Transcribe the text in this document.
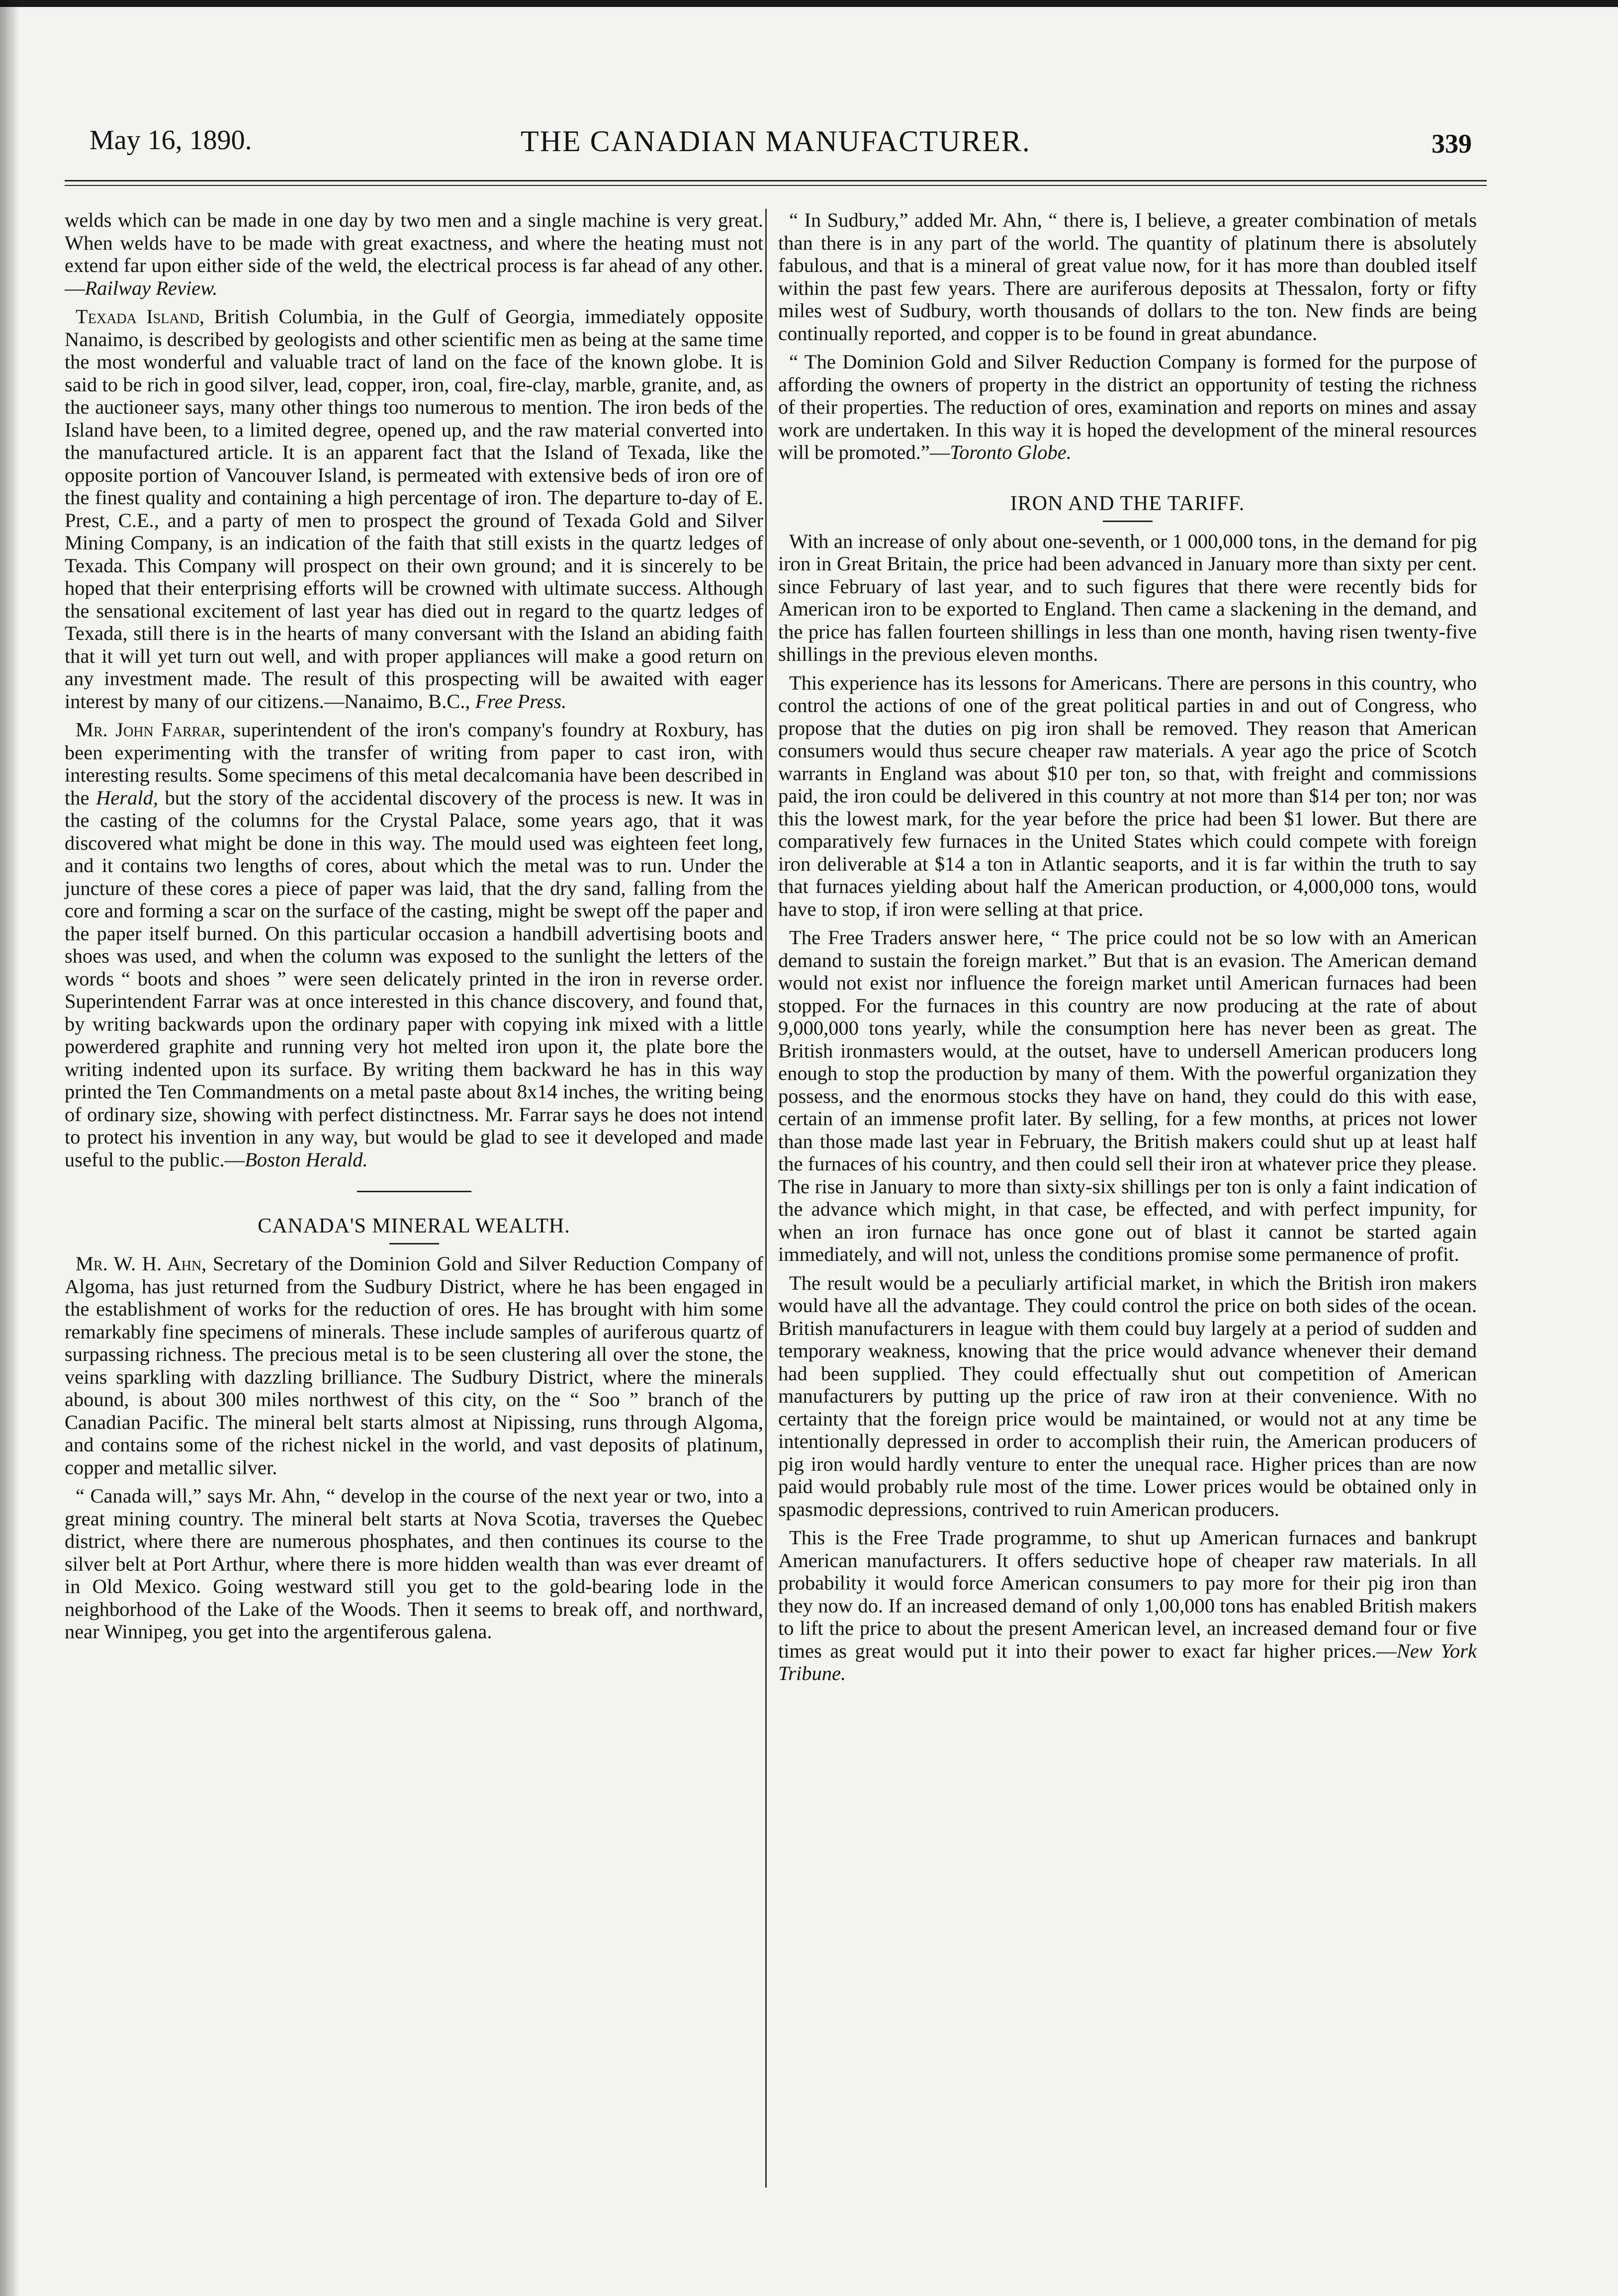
May 16, 1890.	THE CANADIAN MANUFACTURER.	339

welds which can be made in one day by two men and a single machine is very great. When welds have to be made with great exactness, and where the heating must not extend far upon either side of the weld, the electrical process is far ahead of any other.—Railway Review.

Texada Island, British Columbia, in the Gulf of Georgia, immediately opposite Nanaimo, is described by geologists and other scientific men as being at the same time the most wonderful and valuable tract of land on the face of the known globe. It is said to be rich in good silver, lead, copper, iron, coal, fire-clay, marble, granite, and, as the auctioneer says, many other things too numerous to mention. The iron beds of the Island have been, to a limited degree, opened up, and the raw material converted into the manufactured article. It is an apparent fact that the Island of Texada, like the opposite portion of Vancouver Island, is permeated with extensive beds of iron ore of the finest quality and containing a high percentage of iron. The departure to-day of E. Prest, C.E., and a party of men to prospect the ground of Texada Gold and Silver Mining Company, is an indication of the faith that still exists in the quartz ledges of Texada. This Company will prospect on their own ground; and it is sincerely to be hoped that their enterprising efforts will be crowned with ultimate success. Although the sensational excitement of last year has died out in regard to the quartz ledges of Texada, still there is in the hearts of many conversant with the Island an abiding faith that it will yet turn out well, and with proper appliances will make a good return on any investment made. The result of this prospecting will be awaited with eager interest by many of our citizens.—Nanaimo, B.C., Free Press.

Mr. John Farrar, superintendent of the iron's company's foundry at Roxbury, has been experimenting with the transfer of writing from paper to cast iron, with interesting results. Some specimens of this metal decalcomania have been described in the Herald, but the story of the accidental discovery of the process is new. It was in the casting of the columns for the Crystal Palace, some years ago, that it was discovered what might be done in this way. The mould used was eighteen feet long, and it contains two lengths of cores, about which the metal was to run. Under the juncture of these cores a piece of paper was laid, that the dry sand, falling from the core and forming a scar on the surface of the casting, might be swept off the paper and the paper itself burned. On this particular occasion a handbill advertising boots and shoes was used, and when the column was exposed to the sunlight the letters of the words “ boots and shoes ” were seen delicately printed in the iron in reverse order. Superintendent Farrar was at once interested in this chance discovery, and found that, by writing backwards upon the ordinary paper with copying ink mixed with a little powerdered graphite and running very hot melted iron upon it, the plate bore the writing indented upon its surface. By writing them backward he has in this way printed the Ten Commandments on a metal paste about 8x14 inches, the writing being of ordinary size, showing with perfect distinctness. Mr. Farrar says he does not intend to protect his invention in any way, but would be glad to see it developed and made useful to the public.—Boston Herald.

CANADA'S MINERAL WEALTH.

Mr. W. H. Ahn, Secretary of the Dominion Gold and Silver Reduction Company of Algoma, has just returned from the Sudbury District, where he has been engaged in the establishment of works for the reduction of ores. He has brought with him some remarkably fine specimens of minerals. These include samples of auriferous quartz of surpassing richness. The precious metal is to be seen clustering all over the stone, the veins sparkling with dazzling brilliance. The Sudbury District, where the minerals abound, is about 300 miles northwest of this city, on the “ Soo ” branch of the Canadian Pacific. The mineral belt starts almost at Nipissing, runs through Algoma, and contains some of the richest nickel in the world, and vast deposits of platinum, copper and metallic silver.

“ Canada will,” says Mr. Ahn, “ develop in the course of the next year or two, into a great mining country. The mineral belt starts at Nova Scotia, traverses the Quebec district, where there are numerous phosphates, and then continues its course to the silver belt at Port Arthur, where there is more hidden wealth than was ever dreamt of in Old Mexico. Going westward still you get to the gold-bearing lode in the neighborhood of the Lake of the Woods. Then it seems to break off, and northward, near Winnipeg, you get into the argentiferous galena.

“ In Sudbury,” added Mr. Ahn, “ there is, I believe, a greater combination of metals than there is in any part of the world. The quantity of platinum there is absolutely fabulous, and that is a mineral of great value now, for it has more than doubled itself within the past few years. There are auriferous deposits at Thessalon, forty or fifty miles west of Sudbury, worth thousands of dollars to the ton. New finds are being continually reported, and copper is to be found in great abundance.

“ The Dominion Gold and Silver Reduction Company is formed for the purpose of affording the owners of property in the district an opportunity of testing the richness of their properties. The reduction of ores, examination and reports on mines and assay work are undertaken. In this way it is hoped the development of the mineral resources will be promoted.”—Toronto Globe.

IRON AND THE TARIFF.

With an increase of only about one-seventh, or 1 000,000 tons, in the demand for pig iron in Great Britain, the price had been advanced in January more than sixty per cent. since February of last year, and to such figures that there were recently bids for American iron to be exported to England. Then came a slackening in the demand, and the price has fallen fourteen shillings in less than one month, having risen twenty-five shillings in the previous eleven months.

This experience has its lessons for Americans. There are persons in this country, who control the actions of one of the great political parties in and out of Congress, who propose that the duties on pig iron shall be removed. They reason that American consumers would thus secure cheaper raw materials. A year ago the price of Scotch warrants in England was about $10 per ton, so that, with freight and commissions paid, the iron could be delivered in this country at not more than $14 per ton; nor was this the lowest mark, for the year before the price had been $1 lower. But there are comparatively few furnaces in the United States which could compete with foreign iron deliverable at $14 a ton in Atlantic seaports, and it is far within the truth to say that furnaces yielding about half the American production, or 4,000,000 tons, would have to stop, if iron were selling at that price.

The Free Traders answer here, “ The price could not be so low with an American demand to sustain the foreign market.” But that is an evasion. The American demand would not exist nor influence the foreign market until American furnaces had been stopped. For the furnaces in this country are now producing at the rate of about 9,000,000 tons yearly, while the consumption here has never been as great. The British ironmasters would, at the outset, have to undersell American producers long enough to stop the production by many of them. With the powerful organization they possess, and the enormous stocks they have on hand, they could do this with ease, certain of an immense profit later. By selling, for a few months, at prices not lower than those made last year in February, the British makers could shut up at least half the furnaces of his country, and then could sell their iron at whatever price they please. The rise in January to more than sixty-six shillings per ton is only a faint indication of the advance which might, in that case, be effected, and with perfect impunity, for when an iron furnace has once gone out of blast it cannot be started again immediately, and will not, unless the conditions promise some permanence of profit.

The result would be a peculiarly artificial market, in which the British iron makers would have all the advantage. They could control the price on both sides of the ocean. British manufacturers in league with them could buy largely at a period of sudden and temporary weakness, knowing that the price would advance whenever their demand had been supplied. They could effectually shut out competition of American manufacturers by putting up the price of raw iron at their convenience. With no certainty that the foreign price would be maintained, or would not at any time be intentionally depressed in order to accomplish their ruin, the American producers of pig iron would hardly venture to enter the unequal race. Higher prices than are now paid would probably rule most of the time. Lower prices would be obtained only in spasmodic depressions, contrived to ruin American producers.

This is the Free Trade programme, to shut up American furnaces and bankrupt American manufacturers. It offers seductive hope of cheaper raw materials. In all probability it would force American consumers to pay more for their pig iron than they now do. If an increased demand of only 1,00,000 tons has enabled British makers to lift the price to about the present American level, an increased demand four or five times as great would put it into their power to exact far higher prices.—New York Tribune.
